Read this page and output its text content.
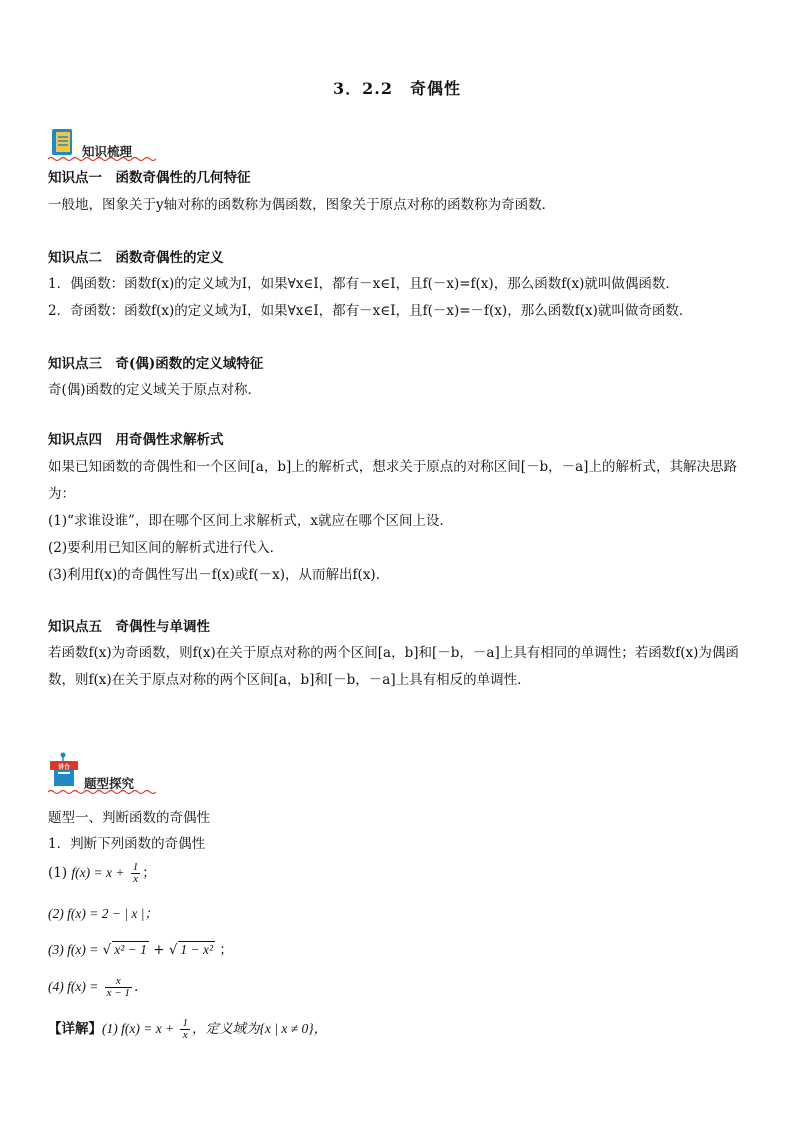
3．2.2　奇偶性
知识梳理
知识点一　函数奇偶性的几何特征
一般地，图象关于y轴对称的函数称为偶函数，图象关于原点对称的函数称为奇函数．
知识点二　函数奇偶性的定义
1．偶函数：函数f(x)的定义域为I，如果∀x∈I，都有－x∈I，且f(－x)=f(x)，那么函数f(x)就叫做偶函数．
2．奇函数：函数f(x)的定义域为I，如果∀x∈I，都有－x∈I，且f(－x)=－f(x)，那么函数f(x)就叫做奇函数．
知识点三　奇(偶)函数的定义域特征
奇(偶)函数的定义域关于原点对称．
知识点四　用奇偶性求解析式
如果已知函数的奇偶性和一个区间[a，b]上的解析式，想求关于原点的对称区间[－b，－a]上的解析式，其解决思路
为：
(1)“求谁设谁”，即在哪个区间上求解析式，x就应在哪个区间上设．
(2)要利用已知区间的解析式进行代入．
(3)利用f(x)的奇偶性写出－f(x)或f(－x)，从而解出f(x)．
知识点五　奇偶性与单调性
若函数f(x)为奇函数，则f(x)在关于原点对称的两个区间[a，b]和[－b，－a]上具有相同的单调性；若函数f(x)为偶函
数，则f(x)在关于原点对称的两个区间[a，b]和[－b，－a]上具有相反的单调性．
讲台
题型探究
题型一、判断函数的奇偶性
1．判断下列函数的奇偶性
(1) $f(x) = x + \frac{1}{x}$ ；
(2) f(x) = 2 − | x |；
(3) f(x) = √ x² − 1 + √ 1 − x² ；
(4) $f(x) = \frac{x}{x - 1}$ .
【详解】(1) $f(x) = x + \frac{1}{x}$ ，定义域为{x | x ≠ 0}，
